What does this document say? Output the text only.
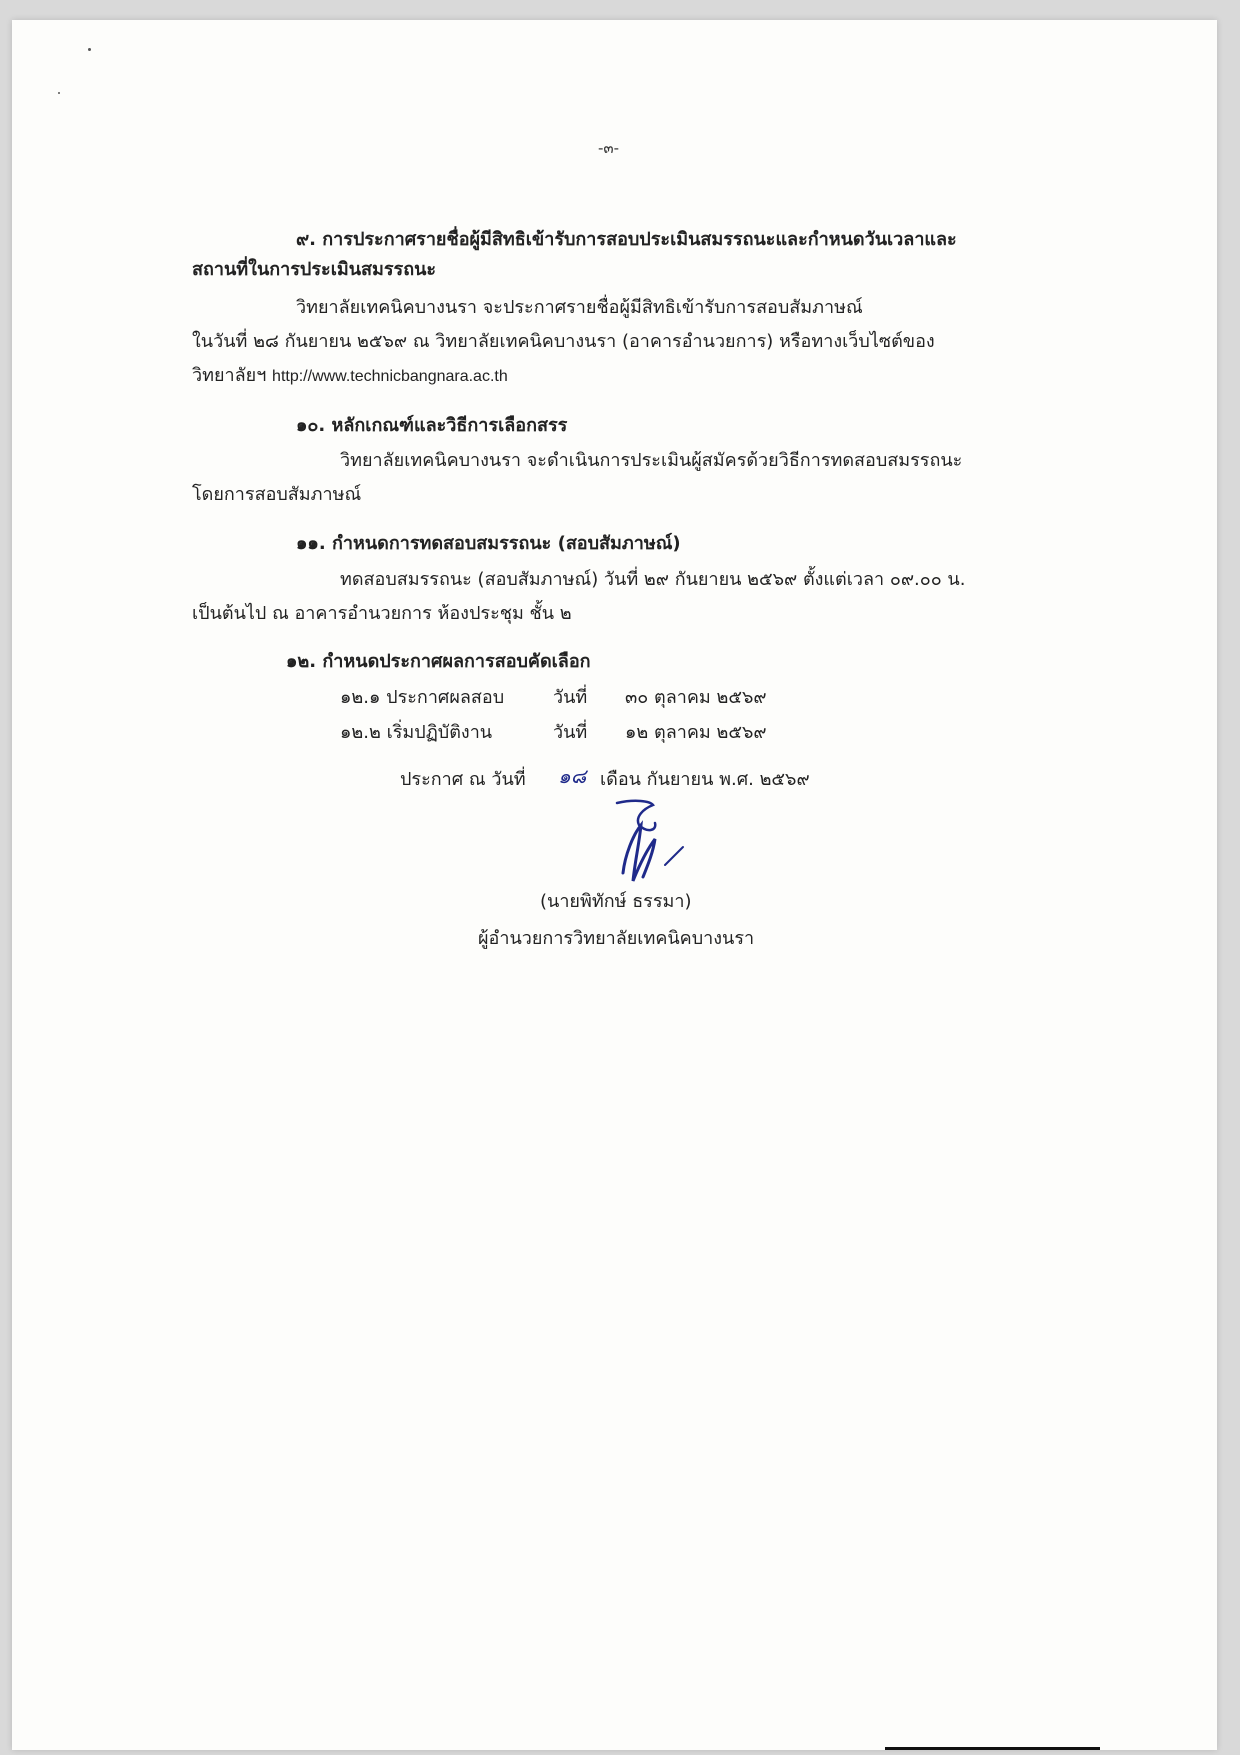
-๓-
๙. การประกาศรายชื่อผู้มีสิทธิเข้ารับการสอบประเมินสมรรถนะและกำหนดวันเวลาและ
สถานที่ในการประเมินสมรรถนะ
วิทยาลัยเทคนิคบางนรา จะประกาศรายชื่อผู้มีสิทธิเข้ารับการสอบสัมภาษณ์
ในวันที่ ๒๘ กันยายน ๒๕๖๙ ณ วิทยาลัยเทคนิคบางนรา (อาคารอำนวยการ) หรือทางเว็บไซต์ของ
วิทยาลัยฯ http://www.technicbangnara.ac.th
๑๐. หลักเกณฑ์และวิธีการเลือกสรร
วิทยาลัยเทคนิคบางนรา จะดำเนินการประเมินผู้สมัครด้วยวิธีการทดสอบสมรรถนะ
โดยการสอบสัมภาษณ์
๑๑. กำหนดการทดสอบสมรรถนะ (สอบสัมภาษณ์)
ทดสอบสมรรถนะ (สอบสัมภาษณ์) วันที่ ๒๙ กันยายน ๒๕๖๙ ตั้งแต่เวลา ๐๙.๐๐ น.
เป็นต้นไป ณ อาคารอำนวยการ ห้องประชุม ชั้น ๒
๑๒. กำหนดประกาศผลการสอบคัดเลือก
๑๒.๑ ประกาศผลสอบ	วันที่ ๓๐ ตุลาคม ๒๕๖๙
๑๒.๒ เริ่มปฏิบัติงาน	วันที่ ๑๒ ตุลาคม ๒๕๖๙
ประกาศ ณ วันที่ ๑๘ เดือน กันยายน พ.ศ. ๒๕๖๙
(นายพิทักษ์ ธรรมา)
ผู้อำนวยการวิทยาลัยเทคนิคบางนรา
